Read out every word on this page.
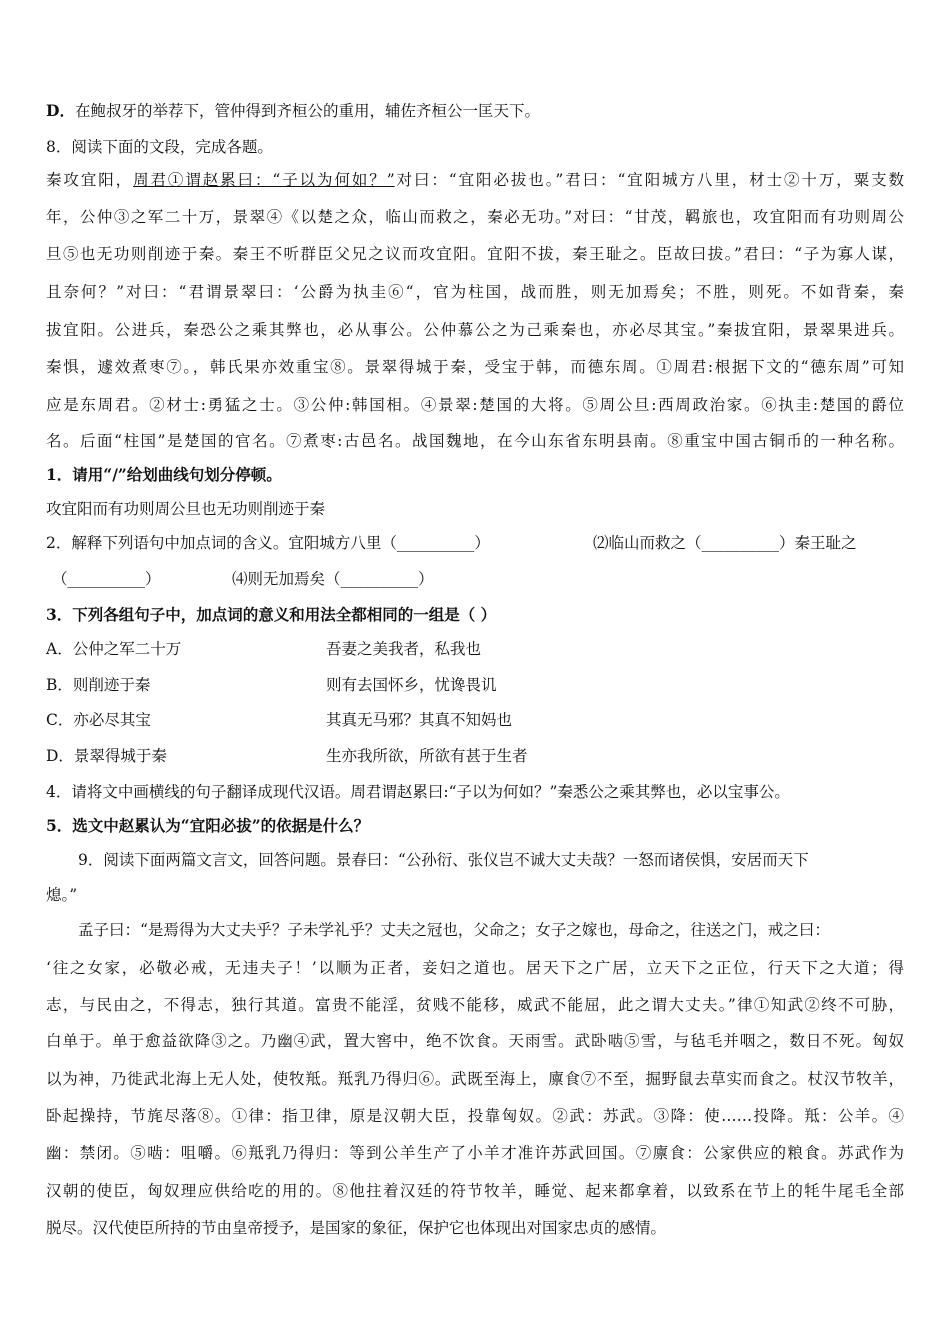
D．在鲍叔牙的举荐下，管仲得到齐桓公的重用，辅佐齐桓公一匡天下。
8．阅读下面的文段，完成各题。
秦攻宜阳，周君①谓赵累曰：“子以为何如？”对曰：“宜阳必拔也。”君曰：“宜阳城方八里，材士②十万，粟支数
年，公仲③之军二十万，景翠④《以楚之众，临山而救之，秦必无功。”对曰：“甘茂，羁旅也，攻宜阳而有功则周公
旦⑤也无功则削迹于秦。秦王不听群臣父兄之议而攻宜阳。宜阳不拔，秦王耻之。臣故曰拔。”君曰：“子为寡人谋，
且奈何？”对曰：“君谓景翠曰：‘公爵为执圭⑥“，官为柱国，战而胜，则无加焉矣；不胜，则死。不如背秦，秦
拔宜阳。公进兵，秦恐公之乘其弊也，必从事公。公仲慕公之为己乘秦也，亦必尽其宝。”秦拔宜阳，景翠果进兵。
秦惧，遽效煮枣⑦。，韩氏果亦效重宝⑧。景翠得城于秦，受宝于韩，而德东周。①周君:根据下文的“德东周”可知
应是东周君。②材士:勇猛之士。③公仲:韩国相。④景翠:楚国的大将。⑤周公旦:西周政治家。⑥执圭:楚国的爵位
名。后面“柱国”是楚国的官名。⑦煮枣:古邑名。战国魏地，在今山东省东明县南。⑧重宝中国古铜币的一种名称。
1．请用“/”给划曲线句划分停顿。
攻宜阳而有功则周公旦也无功则削迹于秦
2．解释下列语句中加点词的含义。宜阳城方八里（__________）	⑵临山而救之（__________）秦王耻之
（__________）	⑷则无加焉矣（__________）
3．下列各组句子中，加点词的意义和用法全都相同的一组是（ ）
A．公仲之军二十万	吾妻之美我者，私我也
B．则削迹于秦	则有去国怀乡，忧谗畏讥
C．亦必尽其宝	其真无马邪？其真不知妈也
D．景翠得城于秦	生亦我所欲，所欲有甚于生者
4．请将文中画横线的句子翻译成现代汉语。周君谓赵累曰:“子以为何如？”秦悉公之乘其弊也，必以宝事公。
5．选文中赵累认为“宜阳必拔”的依据是什么？
9．阅读下面两篇文言文，回答问题。景春曰：“公孙衍、张仪岂不诚大丈夫哉？一怒而诸侯惧，安居而天下
熄。”
孟子曰：“是焉得为大丈夫乎？子未学礼乎？丈夫之冠也，父命之；女子之嫁也，母命之，往送之门，戒之曰：
‘往之女家，必敬必戒，无违夫子！’以顺为正者，妾妇之道也。居天下之广居，立天下之正位，行天下之大道；得
志，与民由之，不得志，独行其道。富贵不能淫，贫贱不能移，威武不能屈，此之谓大丈夫。”律①知武②终不可胁，
白单于。单于愈益欲降③之。乃幽④武，置大窖中，绝不饮食。天雨雪。武卧啮⑤雪，与毡毛并咽之，数日不死。匈奴
以为神，乃徙武北海上无人处，使牧羝。羝乳乃得归⑥。武既至海上，廪食⑦不至，掘野鼠去草实而食之。杖汉节牧羊，
卧起操持，节旄尽落⑧。①律：指卫律，原是汉朝大臣，投靠匈奴。②武：苏武。③降：使……投降。羝：公羊。④
幽：禁闭。⑤啮：咀嚼。⑥羝乳乃得归：等到公羊生产了小羊才准许苏武回国。⑦廪食：公家供应的粮食。苏武作为
汉朝的使臣，匈奴理应供给吃的用的。⑧他拄着汉廷的符节牧羊，睡觉、起来都拿着，以致系在节上的牦牛尾毛全部
脱尽。汉代使臣所持的节由皇帝授予，是国家的象征，保护它也体现出对国家忠贞的感情。
